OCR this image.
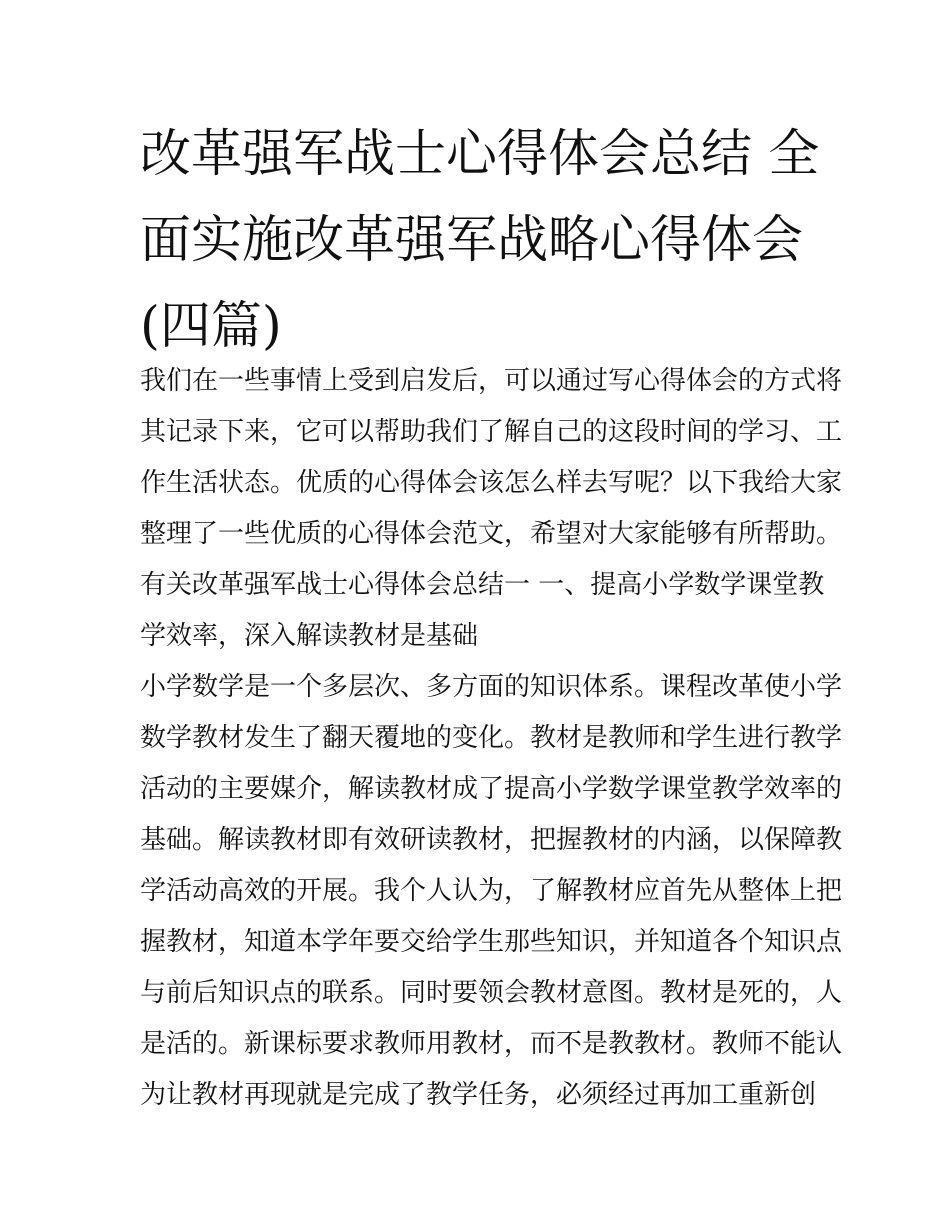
改革强军战士心得体会总结 全
面实施改革强军战略心得体会
(四篇)
我们在一些事情上受到启发后，可以通过写心得体会的方式将
其记录下来，它可以帮助我们了解自己的这段时间的学习、工
作生活状态。优质的心得体会该怎么样去写呢？以下我给大家
整理了一些优质的心得体会范文，希望对大家能够有所帮助。
有关改革强军战士心得体会总结一 一、提高小学数学课堂教
学效率，深入解读教材是基础
小学数学是一个多层次、多方面的知识体系。课程改革使小学
数学教材发生了翻天覆地的变化。教材是教师和学生进行教学
活动的主要媒介，解读教材成了提高小学数学课堂教学效率的
基础。解读教材即有效研读教材，把握教材的内涵，以保障教
学活动高效的开展。我个人认为，了解教材应首先从整体上把
握教材，知道本学年要交给学生那些知识，并知道各个知识点
与前后知识点的联系。同时要领会教材意图。教材是死的，人
是活的。新课标要求教师用教材，而不是教教材。教师不能认
为让教材再现就是完成了教学任务，必须经过再加工重新创
